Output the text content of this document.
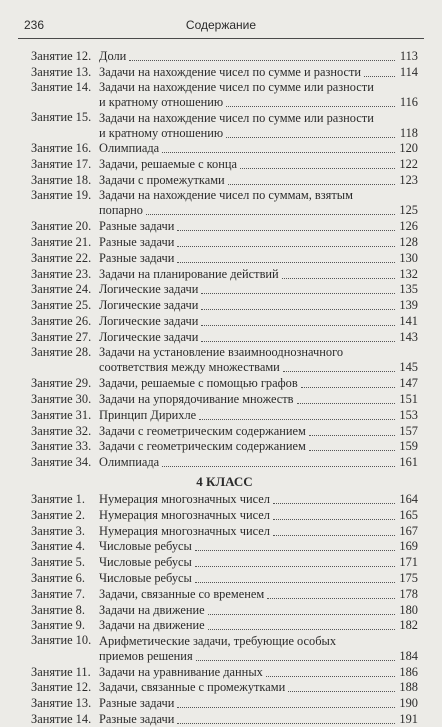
236	Содержание
Занятие 12. Доли	113
Занятие 13. Задачи на нахождение чисел по сумме и разности	114
Занятие 14. Задачи на нахождение чисел по сумме или разности
и кратному отношению	116
Занятие 15. Задачи на нахождение чисел по сумме или разности
и кратному отношению	118
Занятие 16. Олимпиада	120
Занятие 17. Задачи, решаемые с конца	122
Занятие 18. Задачи с промежутками	123
Занятие 19. Задачи на нахождение чисел по суммам, взятым
попарно	125
Занятие 20. Разные задачи	126
Занятие 21. Разные задачи	128
Занятие 22. Разные задачи	130
Занятие 23. Задачи на планирование действий	132
Занятие 24. Логические задачи	135
Занятие 25. Логические задачи	139
Занятие 26. Логические задачи	141
Занятие 27. Логические задачи	143
Занятие 28. Задачи на установление взаимнооднозначного
соответствия между множествами	145
Занятие 29. Задачи, решаемые с помощью графов	147
Занятие 30. Задачи на упорядочивание множеств	151
Занятие 31. Принцип Дирихле	153
Занятие 32. Задачи с геометрическим содержанием	157
Занятие 33. Задачи с геометрическим содержанием	159
Занятие 34. Олимпиада	161
4 КЛАСС
Занятие 1.	Нумерация многозначных чисел	164
Занятие 2.	Нумерация многозначных чисел	165
Занятие 3.	Нумерация многозначных чисел	167
Занятие 4.	Числовые ребусы	169
Занятие 5.	Числовые ребусы	171
Занятие 6.	Числовые ребусы	175
Занятие 7.	Задачи, связанные со временем	178
Занятие 8.	Задачи на движение	180
Занятие 9.	Задачи на движение	182
Занятие 10. Арифметические задачи, требующие особых
приемов решения	184
Занятие 11. Задачи на уравнивание данных	186
Занятие 12. Задачи, связанные с промежутками	188
Занятие 13. Разные задачи	190
Занятие 14. Разные задачи	191
